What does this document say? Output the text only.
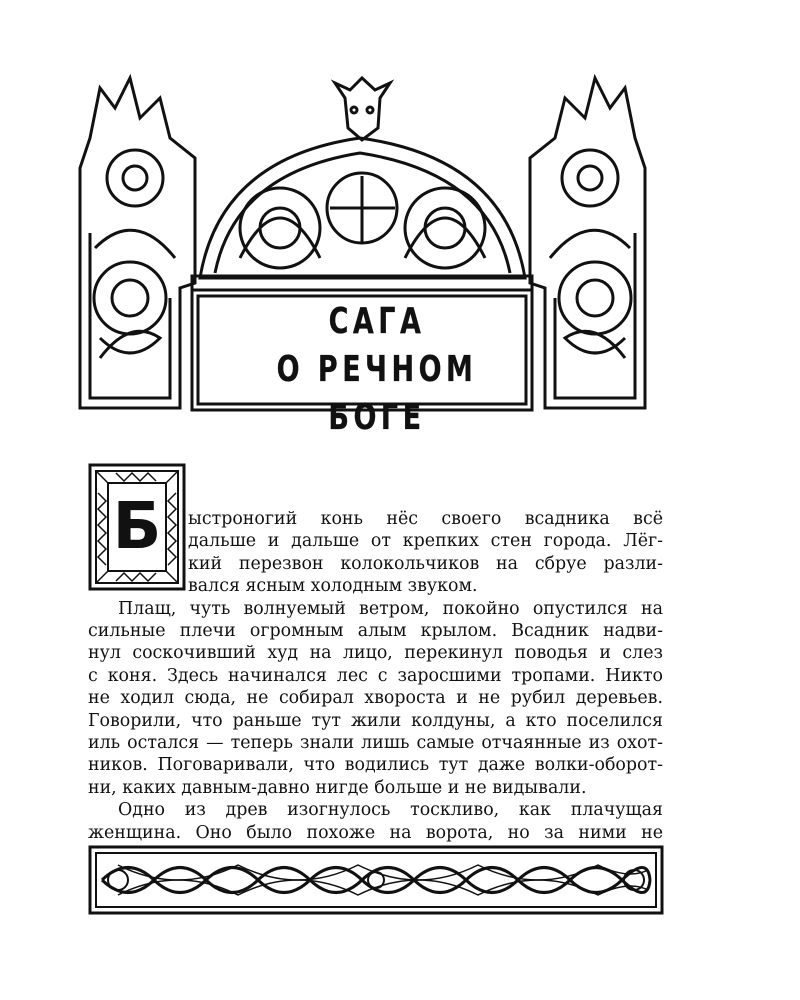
САГА
О РЕЧНОМ БОГЕ
Б	ыстроногий конь нёс своего всадника всё
дальше и дальше от крепких стен города. Лёг-
кий перезвон колокольчиков на сбруе разли-
вался ясным холодным звуком.
Плащ, чуть волнуемый ветром, покойно опустился на
сильные плечи огромным алым крылом. Всадник надви-
нул соскочивший худ на лицо, перекинул поводья и слез
с коня. Здесь начинался лес с заросшими тропами. Никто
не ходил сюда, не собирал хвороста и не рубил деревьев.
Говорили, что раньше тут жили колдуны, а кто поселился
иль остался — теперь знали лишь самые отчаянные из охот-
ников. Поговаривали, что водились тут даже волки-оборот-
ни, каких давным-давно нигде больше и не видывали.
Одно из древ изогнулось тоскливо, как плачущая
женщина. Оно было похоже на ворота, но за ними не
